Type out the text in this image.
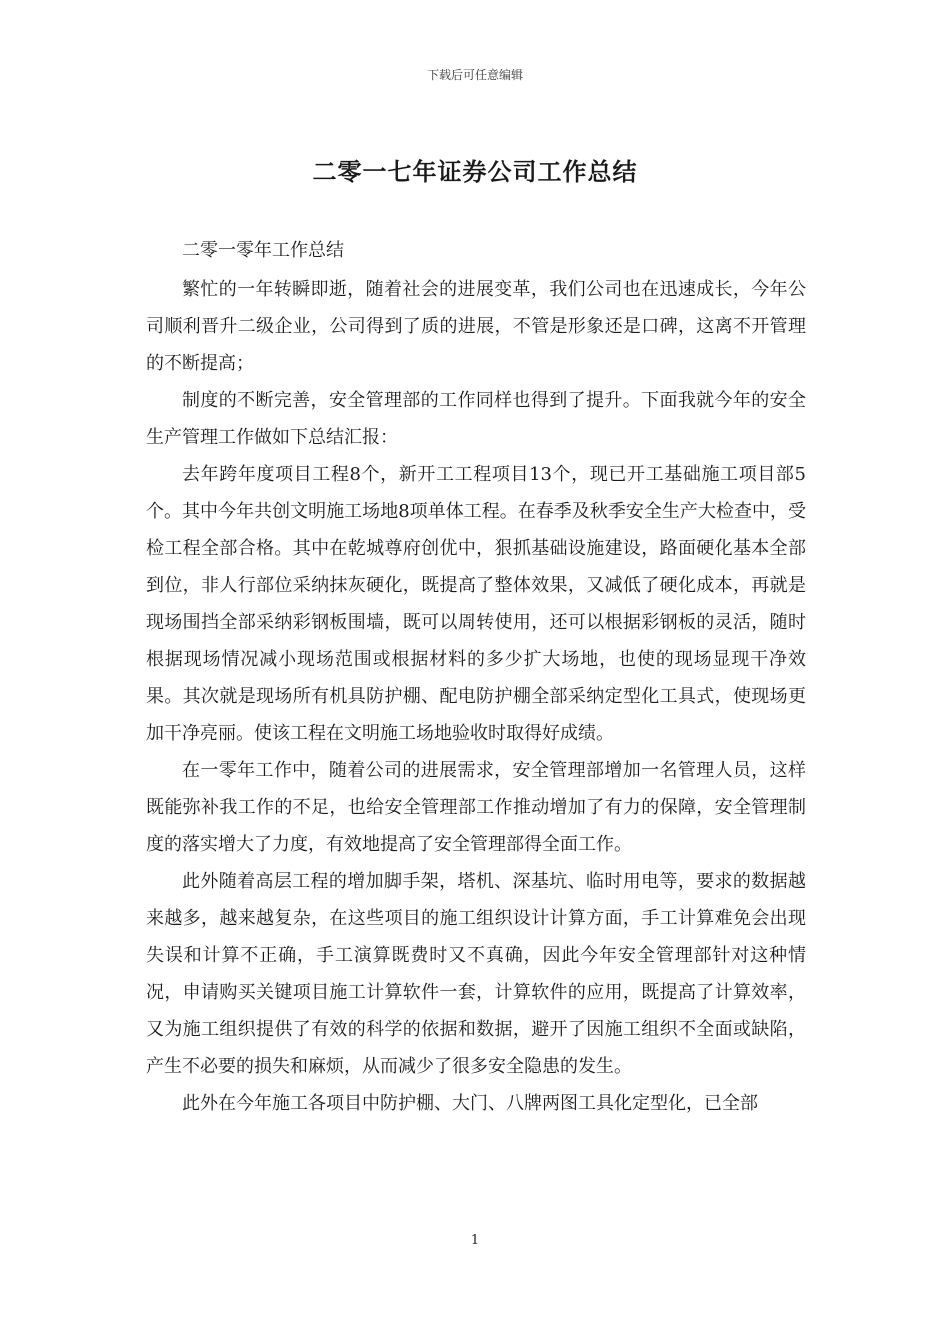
下载后可任意编辑
二零一七年证券公司工作总结

二零一零年工作总结

繁忙的一年转瞬即逝，随着社会的进展变革，我们公司也在迅速成长，今年公司顺利晋升二级企业，公司得到了质的进展，不管是形象还是口碑，这离不开管理的不断提高；

制度的不断完善，安全管理部的工作同样也得到了提升。下面我就今年的安全生产管理工作做如下总结汇报：

去年跨年度项目工程8个，新开工工程项目13个，现已开工基础施工项目部5个。其中今年共创文明施工场地8项单体工程。在春季及秋季安全生产大检查中，受检工程全部合格。其中在乾城尊府创优中，狠抓基础设施建设，路面硬化基本全部到位，非人行部位采纳抹灰硬化，既提高了整体效果，又减低了硬化成本，再就是现场围挡全部采纳彩钢板围墙，既可以周转使用，还可以根据彩钢板的灵活，随时根据现场情况减小现场范围或根据材料的多少扩大场地，也使的现场显现干净效果。其次就是现场所有机具防护棚、配电防护棚全部采纳定型化工具式，使现场更加干净亮丽。使该工程在文明施工场地验收时取得好成绩。

在一零年工作中，随着公司的进展需求，安全管理部增加一名管理人员，这样既能弥补我工作的不足，也给安全管理部工作推动增加了有力的保障，安全管理制度的落实增大了力度，有效地提高了安全管理部得全面工作。

此外随着高层工程的增加脚手架，塔机、深基坑、临时用电等，要求的数据越来越多，越来越复杂，在这些项目的施工组织设计计算方面，手工计算难免会出现失误和计算不正确，手工演算既费时又不真确，因此今年安全管理部针对这种情况，申请购买关键项目施工计算软件一套，计算软件的应用，既提高了计算效率，又为施工组织提供了有效的科学的依据和数据，避开了因施工组织不全面或缺陷，产生不必要的损失和麻烦，从而减少了很多安全隐患的发生。

此外在今年施工各项目中防护棚、大门、八牌两图工具化定型化，已全部

1
